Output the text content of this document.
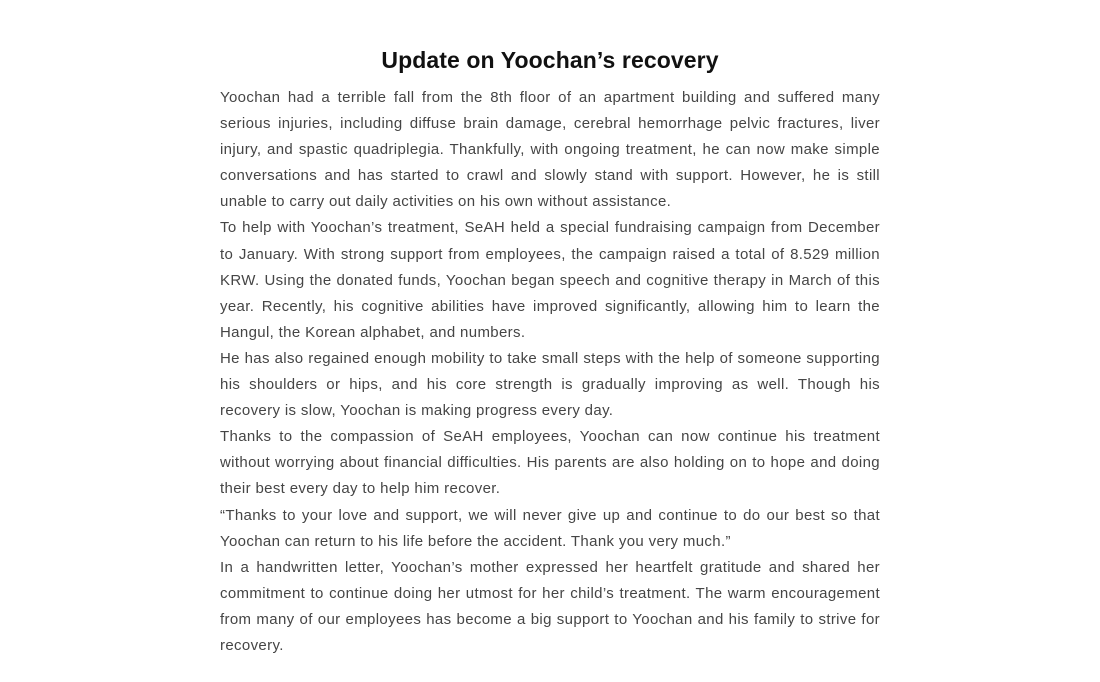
Update on Yoochan’s recovery

Yoochan had a terrible fall from the 8th floor of an apartment building and suffered many serious injuries, including diffuse brain damage, cerebral hemorrhage pelvic fractures, liver injury, and spastic quadriplegia. Thankfully, with ongoing treatment, he can now make simple conversations and has started to crawl and slowly stand with support. However, he is still unable to carry out daily activities on his own without assistance.

To help with Yoochan’s treatment, SeAH held a special fundraising campaign from December to January. With strong support from employees, the campaign raised a total of 8.529 million KRW. Using the donated funds, Yoochan began speech and cognitive therapy in March of this year. Recently, his cognitive abilities have improved significantly, allowing him to learn the Hangul, the Korean alphabet, and numbers.

He has also regained enough mobility to take small steps with the help of someone supporting his shoulders or hips, and his core strength is gradually improving as well. Though his recovery is slow, Yoochan is making progress every day.

Thanks to the compassion of SeAH employees, Yoochan can now continue his treatment without worrying about financial difficulties. His parents are also holding on to hope and doing their best every day to help him recover.

“Thanks to your love and support, we will never give up and continue to do our best so that Yoochan can return to his life before the accident. Thank you very much.”

In a handwritten letter, Yoochan’s mother expressed her heartfelt gratitude and shared her commitment to continue doing her utmost for her child’s treatment. The warm encouragement from many of our employees has become a big support to Yoochan and his family to strive for recovery.
